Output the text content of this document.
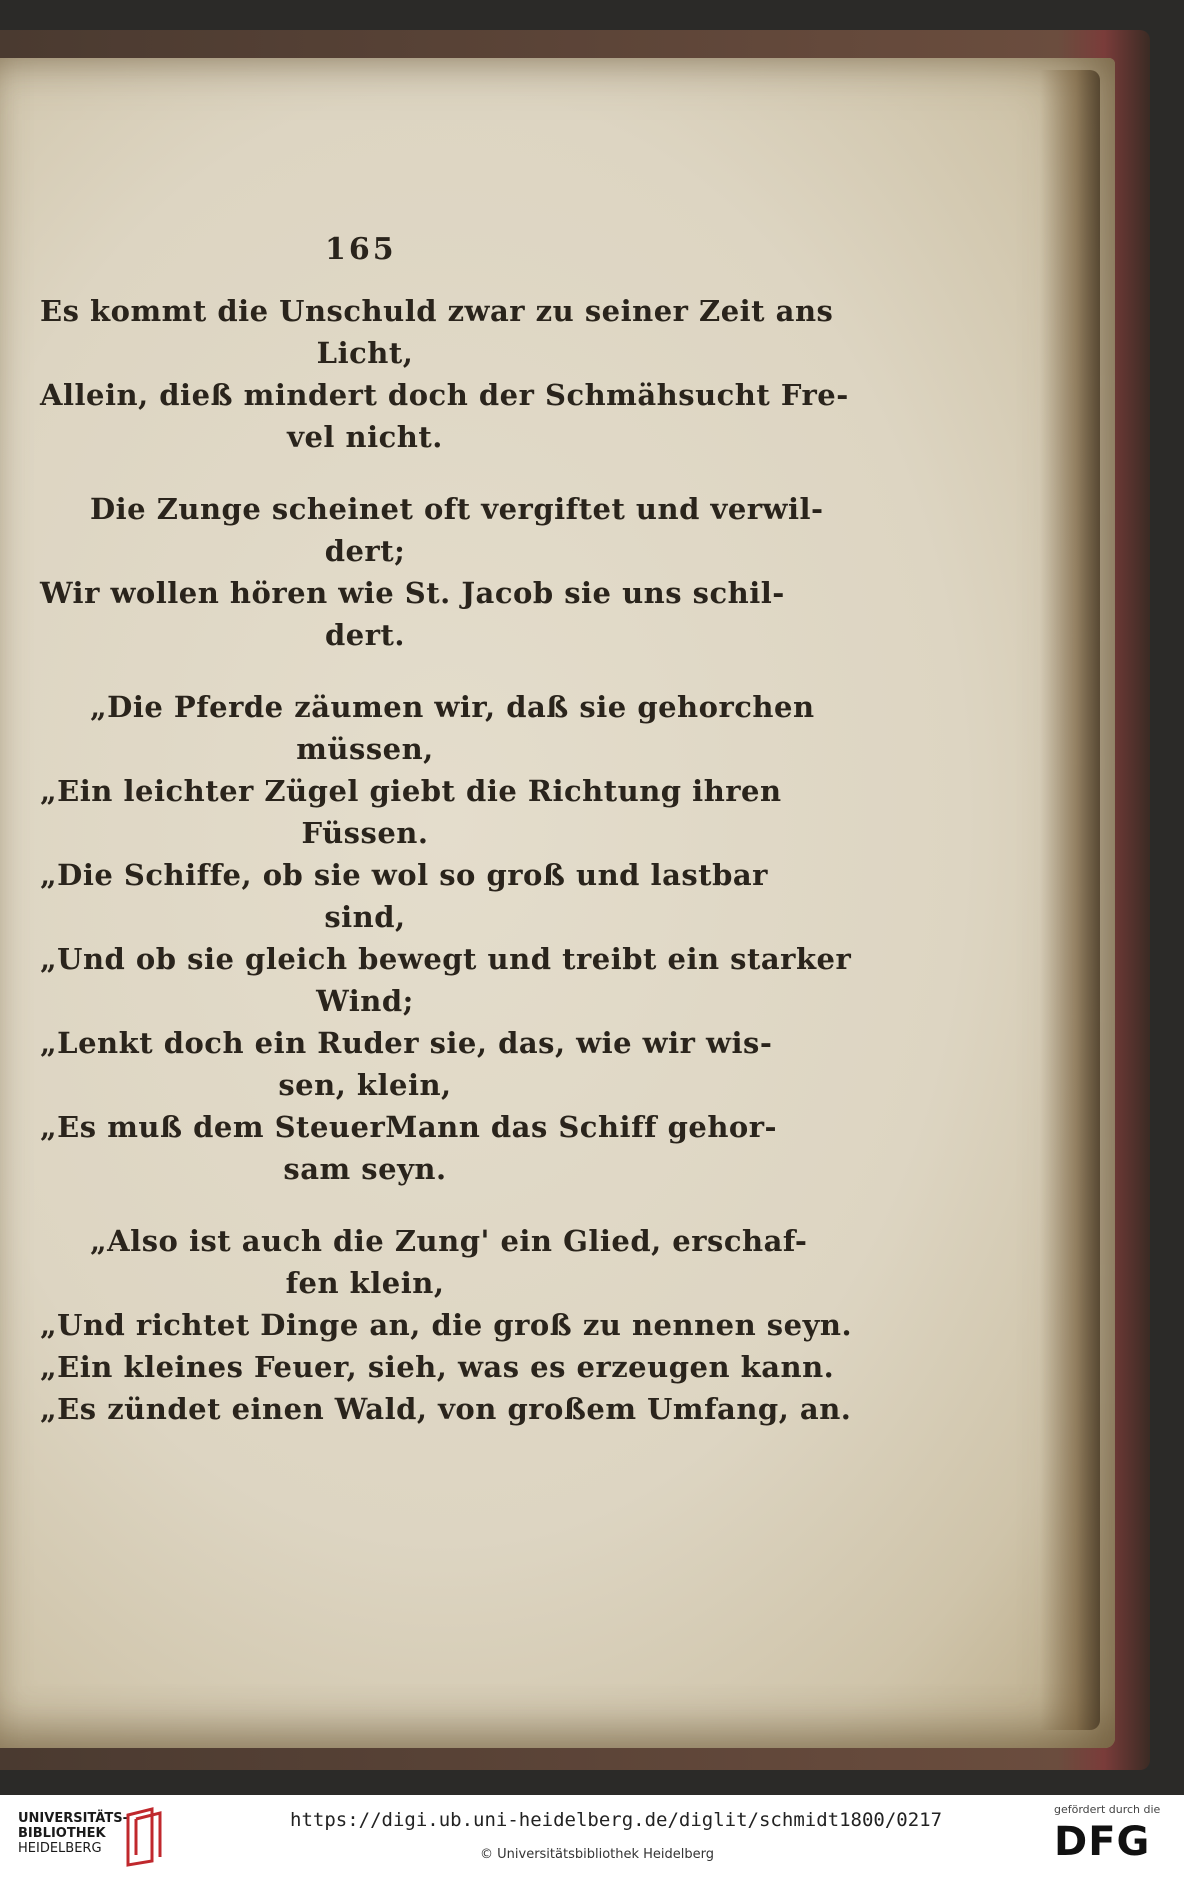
165
Es kommt die Unschuld zwar zu seiner Zeit ans
Licht,
Allein, dieß mindert doch der Schmähsucht Fre-
vel nicht.
Die Zunge scheinet oft vergiftet und verwil-
dert;
Wir wollen hören wie St. Jacob sie uns schil-
dert.
„Die Pferde zäumen wir, daß sie gehorchen
müssen,
„Ein leichter Zügel giebt die Richtung ihren
Füssen.
„Die Schiffe, ob sie wol so groß und lastbar
sind,
„Und ob sie gleich bewegt und treibt ein starker
Wind;
„Lenkt doch ein Ruder sie, das, wie wir wis-
sen, klein,
„Es muß dem SteuerMann das Schiff gehor-
sam seyn.
„Also ist auch die Zung' ein Glied, erschaf-
fen klein,
„Und richtet Dinge an, die groß zu nennen seyn.
„Ein kleines Feuer, sieh, was es erzeugen kann.
„Es zündet einen Wald, von großem Umfang, an.
UNIVERSITÄTS-
BIBLIOTHEK
HEIDELBERG
https://digi.ub.uni-heidelberg.de/diglit/schmidt1800/0217
© Universitätsbibliothek Heidelberg
gefördert durch die
DFG
